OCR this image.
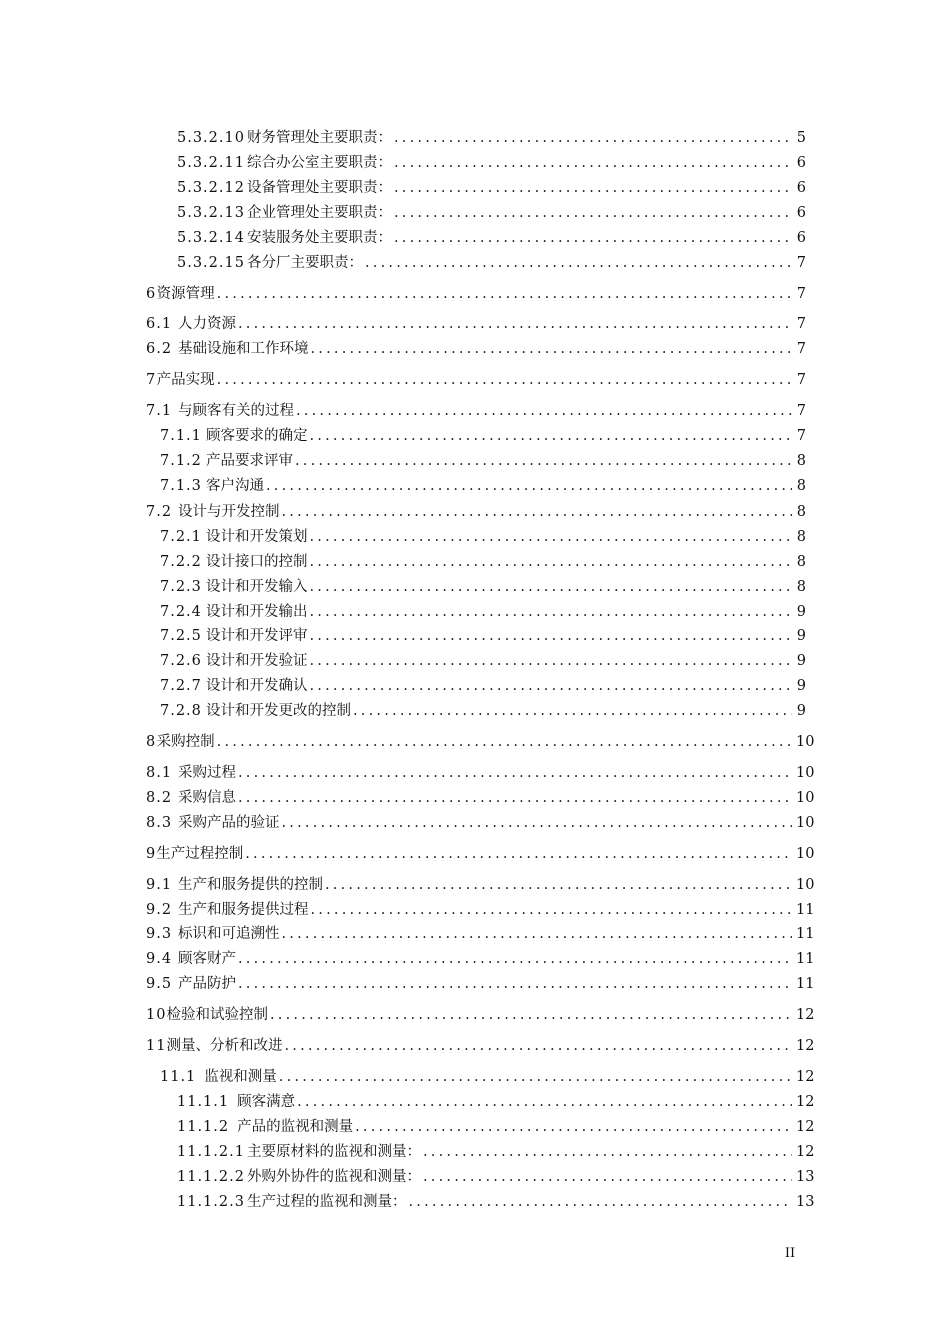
5.3.2.10 财务管理处主要职责： .....	5
5.3.2.11 综合办公室主要职责： .....	6
5.3.2.12 设备管理处主要职责： .....	6
5.3.2.13 企业管理处主要职责： .....	6
5.3.2.14 安装服务处主要职责： .....	6
5.3.2.15 各分厂主要职责： .....	7
6 资源管理 .....	7
6.1 人力资源 .....	7
6.2 基础设施和工作环境 .....	7
7 产品实现 .....	7
7.1 与顾客有关的过程 .....	7
7.1.1 顾客要求的确定 .....	7
7.1.2 产品要求评审 .....	8
7.1.3 客户沟通 .....	8
7.2 设计与开发控制 .....	8
7.2.1 设计和开发策划 .....	8
7.2.2 设计接口的控制 .....	8
7.2.3 设计和开发输入 .....	8
7.2.4 设计和开发输出 .....	9
7.2.5 设计和开发评审 .....	9
7.2.6 设计和开发验证 .....	9
7.2.7 设计和开发确认 .....	9
7.2.8 设计和开发更改的控制 .....	9
8 采购控制 .....	10
8.1 采购过程 .....	10
8.2 采购信息 .....	10
8.3 采购产品的验证 .....	10
9 生产过程控制 .....	10
9.1 生产和服务提供的控制 .....	10
9.2 生产和服务提供过程 .....	11
9.3 标识和可追溯性 .....	11
9.4 顾客财产 .....	11
9.5 产品防护 .....	11
10 检验和试验控制 .....	12
11 测量、分析和改进 .....	12
11.1 监视和测量 .....	12
11.1.1 顾客满意 .....	12
11.1.2 产品的监视和测量 .....	12
11.1.2.1 主要原材料的监视和测量： .....	12
11.1.2.2 外购外协件的监视和测量： .....	13
11.1.2.3 生产过程的监视和测量： .....	13
II
